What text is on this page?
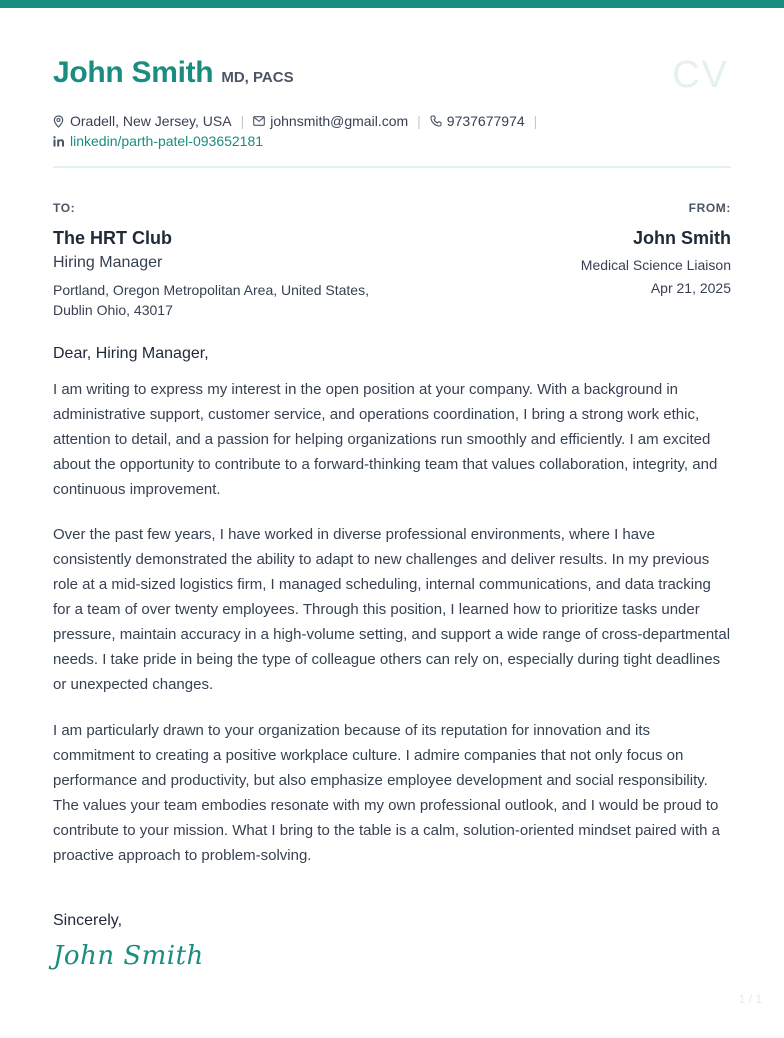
John Smith MD, PACS	CV
Oradell, New Jersey, USA | johnsmith@gmail.com | 9737677974 |
linkedin/parth-patel-093652181
TO:	FROM:
The HRT Club
Hiring Manager
Portland, Oregon Metropolitan Area, United States,
Dublin Ohio, 43017
John Smith
Medical Science Liaison
Apr 21, 2025
Dear, Hiring Manager,

I am writing to express my interest in the open position at your company. With a background in administrative support, customer service, and operations coordination, I bring a strong work ethic, attention to detail, and a passion for helping organizations run smoothly and efficiently. I am excited about the opportunity to contribute to a forward-thinking team that values collaboration, integrity, and continuous improvement.

Over the past few years, I have worked in diverse professional environments, where I have consistently demonstrated the ability to adapt to new challenges and deliver results. In my previous role at a mid-sized logistics firm, I managed scheduling, internal communications, and data tracking for a team of over twenty employees. Through this position, I learned how to prioritize tasks under pressure, maintain accuracy in a high-volume setting, and support a wide range of cross-departmental needs. I take pride in being the type of colleague others can rely on, especially during tight deadlines or unexpected changes.

I am particularly drawn to your organization because of its reputation for innovation and its commitment to creating a positive workplace culture. I admire companies that not only focus on performance and productivity, but also emphasize employee development and social responsibility. The values your team embodies resonate with my own professional outlook, and I would be proud to contribute to your mission. What I bring to the table is a calm, solution-oriented mindset paired with a proactive approach to problem-solving.

Sincerely,
John Smith
1 / 1
